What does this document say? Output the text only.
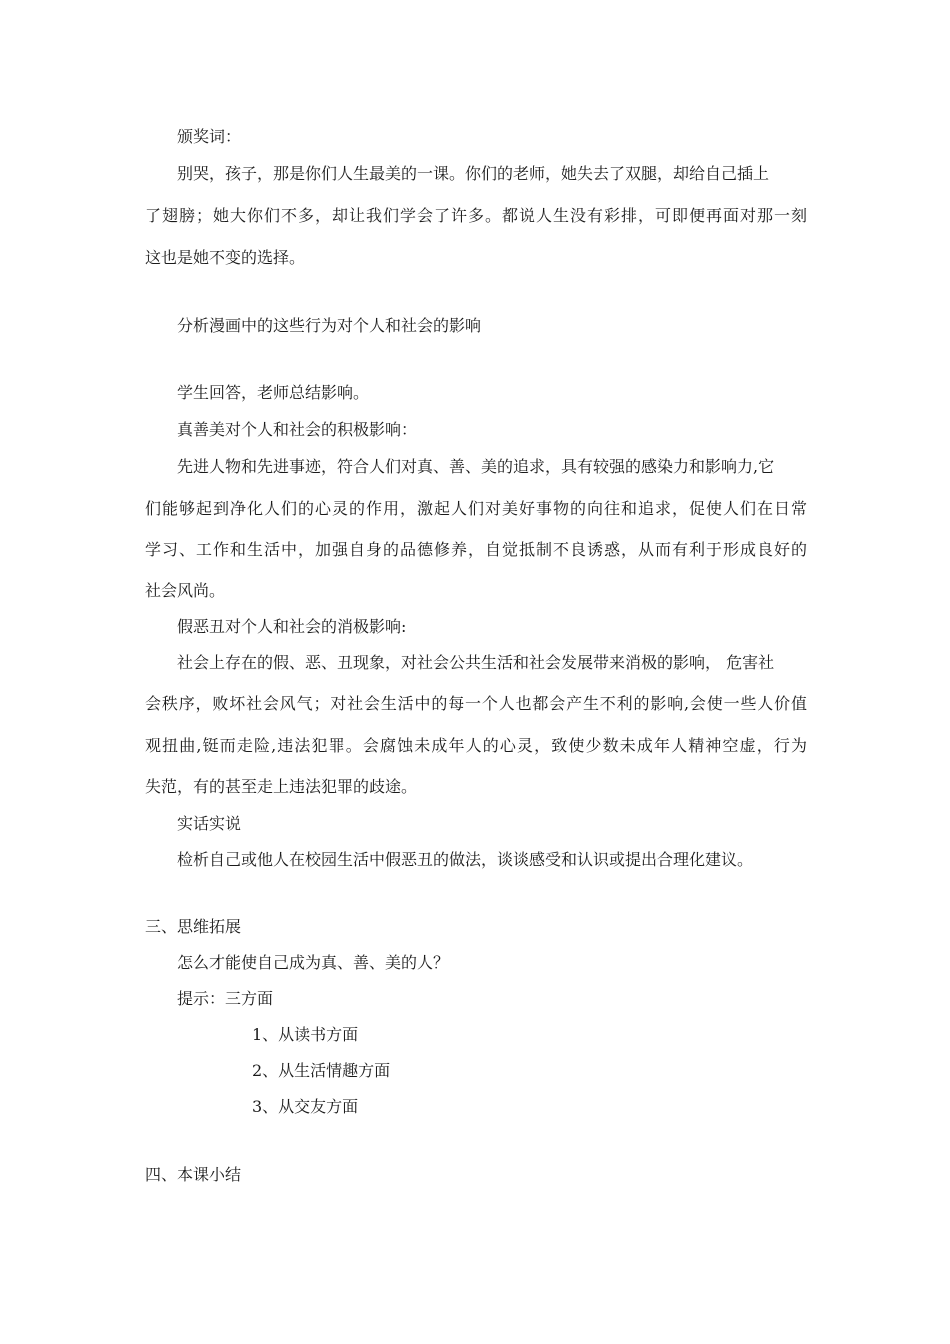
颁奖词：
别哭，孩子，那是你们人生最美的一课。你们的老师，她失去了双腿，却给自己插上
了翅膀；她大你们不多，却让我们学会了许多。都说人生没有彩排，可即便再面对那一刻
这也是她不变的选择。
分析漫画中的这些行为对个人和社会的影响
学生回答，老师总结影响。
真善美对个人和社会的积极影响：
先进人物和先进事迹，符合人们对真、善、美的追求，具有较强的感染力和影响力,它
们能够起到净化人们的心灵的作用，激起人们对美好事物的向往和追求，促使人们在日常
学习、工作和生活中，加强自身的品德修养，自觉抵制不良诱惑，从而有利于形成良好的
社会风尚。
假恶丑对个人和社会的消极影响:
社会上存在的假、恶、丑现象，对社会公共生活和社会发展带来消极的影响， 危害社
会秩序，败坏社会风气；对社会生活中的每一个人也都会产生不利的影响,会使一些人价值
观扭曲,铤而走险,违法犯罪。会腐蚀未成年人的心灵，致使少数未成年人精神空虚，行为
失范，有的甚至走上违法犯罪的歧途。
实话实说
检析自己或他人在校园生活中假恶丑的做法，谈谈感受和认识或提出合理化建议。
三、思维拓展
怎么才能使自己成为真、善、美的人？
提示：三方面
1、从读书方面
2、从生活情趣方面
3、从交友方面
四、本课小结
